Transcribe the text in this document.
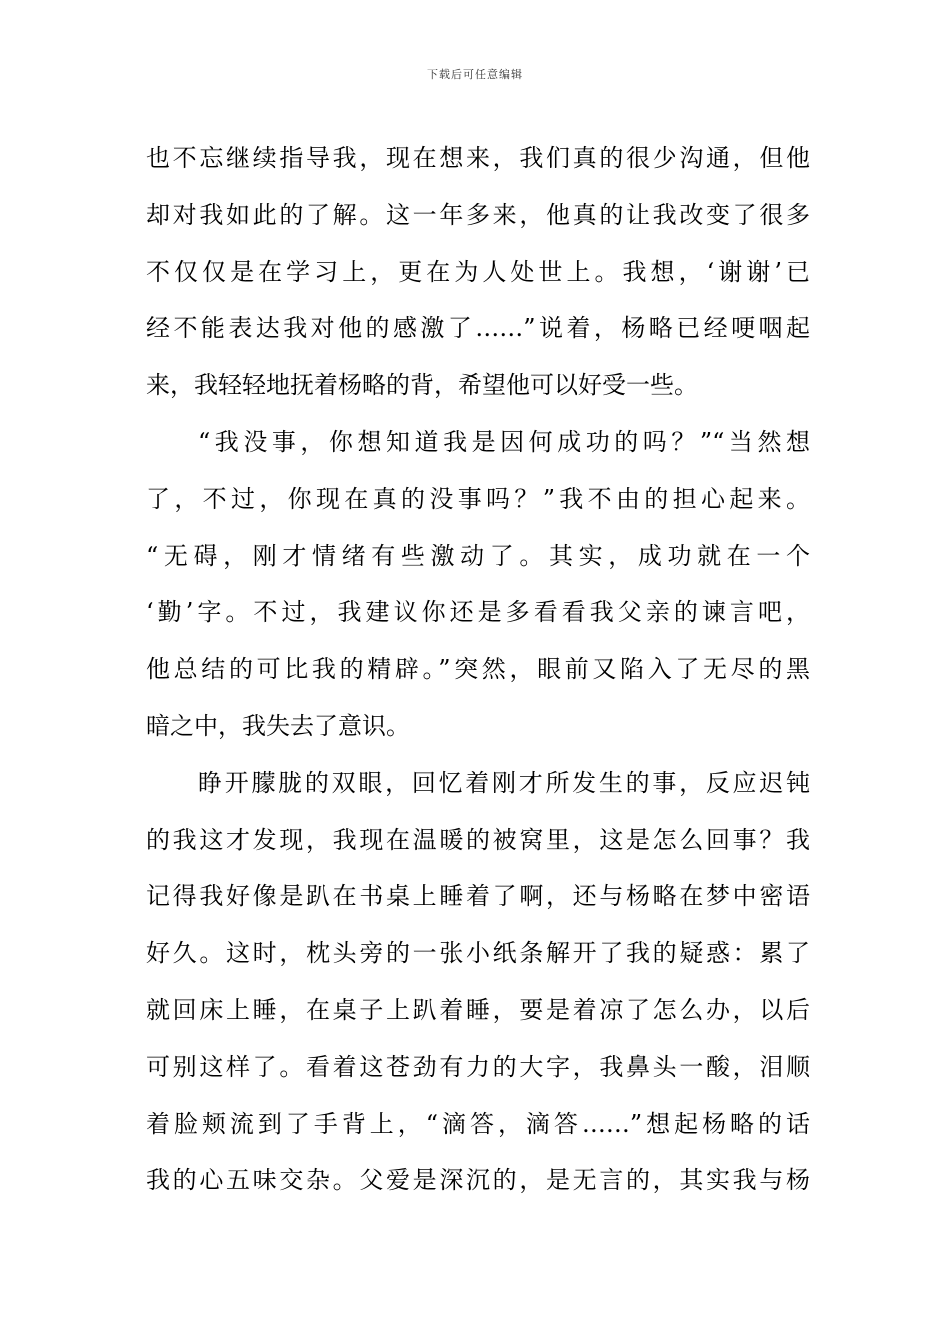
下载后可任意编辑
也不忘继续指导我，现在想来，我们真的很少沟通，但他
却对我如此的了解。这一年多来，他真的让我改变了很多
不仅仅是在学习上，更在为人处世上。我想，‘谢谢’已
经不能表达我对他的感激了……”说着，杨略已经哽咽起
来，我轻轻地抚着杨略的背，希望他可以好受一些。
“我没事，你想知道我是因何成功的吗？”“当然想
了，不过，你现在真的没事吗？”我不由的担心起来。
“无碍，刚才情绪有些激动了。其实，成功就在一个
‘勤’字。不过，我建议你还是多看看我父亲的谏言吧，
他总结的可比我的精辟。”突然，眼前又陷入了无尽的黑
暗之中，我失去了意识。
睁开朦胧的双眼，回忆着刚才所发生的事，反应迟钝
的我这才发现，我现在温暖的被窝里，这是怎么回事？我
记得我好像是趴在书桌上睡着了啊，还与杨略在梦中密语
好久。这时，枕头旁的一张小纸条解开了我的疑惑：累了
就回床上睡，在桌子上趴着睡，要是着凉了怎么办，以后
可别这样了。看着这苍劲有力的大字，我鼻头一酸，泪顺
着脸颊流到了手背上，“滴答，滴答……”想起杨略的话
我的心五味交杂。父爱是深沉的，是无言的，其实我与杨
